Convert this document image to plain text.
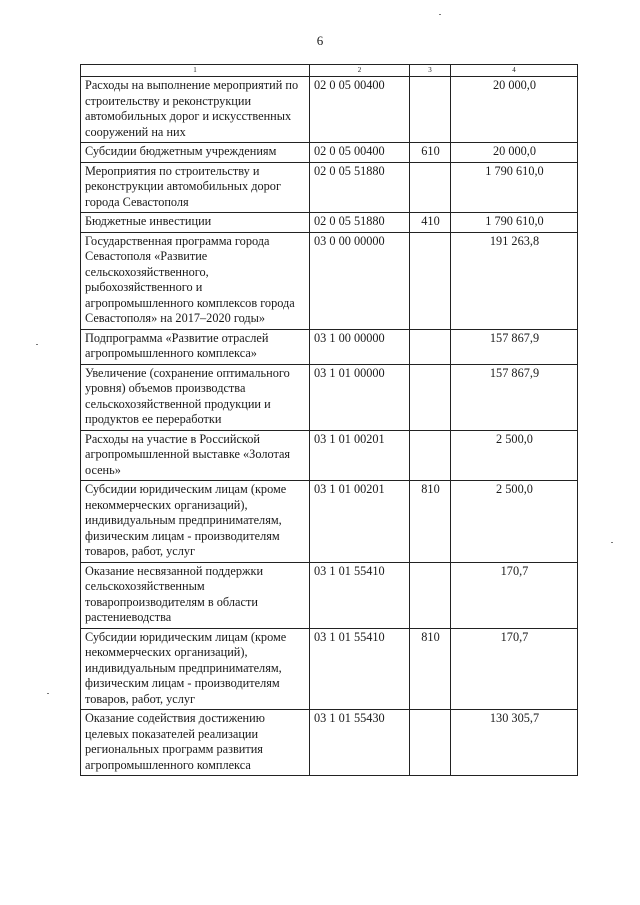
6
1	2	3	4
Расходы на выполнение мероприятий по строительству и реконструкции автомобильных дорог и искусственных сооружений на них	02 0 05 00400		20 000,0
Субсидии бюджетным учреждениям	02 0 05 00400	610	20 000,0
Мероприятия по строительству и реконструкции автомобильных дорог города Севастополя	02 0 05 51880		1 790 610,0
Бюджетные инвестиции	02 0 05 51880	410	1 790 610,0
Государственная программа города Севастополя «Развитие сельскохозяйственного, рыбохозяйственного и агропромышленного комплексов города Севастополя» на 2017–2020 годы»	03 0 00 00000		191 263,8
Подпрограмма «Развитие отраслей агропромышленного комплекса»	03 1 00 00000		157 867,9
Увеличение (сохранение оптимального уровня) объемов производства сельскохозяйственной продукции и продуктов ее переработки	03 1 01 00000		157 867,9
Расходы на участие в Российской агропромышленной выставке «Золотая осень»	03 1 01 00201		2 500,0
Субсидии юридическим лицам (кроме некоммерческих организаций), индивидуальным предпринимателям, физическим лицам - производителям товаров, работ, услуг	03 1 01 00201	810	2 500,0
Оказание несвязанной поддержки сельскохозяйственным товаропроизводителям в области растениеводства	03 1 01 55410		170,7
Субсидии юридическим лицам (кроме некоммерческих организаций), индивидуальным предпринимателям, физическим лицам - производителям товаров, работ, услуг	03 1 01 55410	810	170,7
Оказание содействия достижению целевых показателей реализации региональных программ развития агропромышленного комплекса	03 1 01 55430		130 305,7
